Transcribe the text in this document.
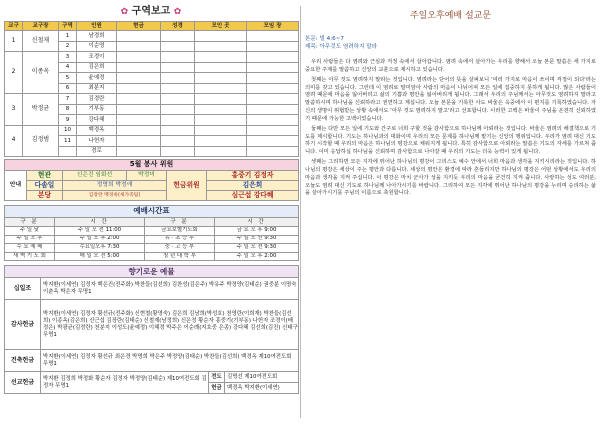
✿ 구역보고 ✿
교구	교구장	구역	인원	현금	성경	모인 곳	모임 장
1	신철재	1	남경희				
		2	이순영				
2	이종옥	3	조경이				
		4	김은희				
		5	윤예경				
		6	최분지				
3	박정균	7	김경란				
		8	기부동				
		9	강다혜				
4	김정범	10	백경옥				
		11	나헌자				
			경로				
5월 봉사 위원					
안내	현관	신은진 임화선	박정미	헌금위원	홍중기 김정자
	다솜일	정영희 박정애			김은희
	본당	김장란 백경옥(새가족팀)			심근섭 강다혜
예배시간표			
구 분	시 간	구 분	시 간
주 일 낮	주 일 오 전 11:00	금요보혈기도회	금 요 오 후 9:00
주 일 오 후	주 일 오 후 2:00	유 · 초 등 부	주 일 오 전 9:30
수 요 예 배	수요일오후 7:30	중 · 고 등 부	주 일 오 전 9:30
새 벽 기 도 회	매 일 오 전 5:00	청 년 대 학 부	주 일 오 후 2:00
향기로운 예물			
십일조	박지환(이세연) 김정자 백은진(전주화) 박찬들(김선희) 김찬성(김은주) 박유주 박정양(김태순) 권중분 이명숙 이춘옥 박은자 무명1		
감사헌금	박지환(이세연) 김정자 황선규(전주화) 신현철(황영숙) 김은희 김남희(박성호) 천영란(이희재) 박찬들(김선희) 이종옥(김은희) 신근섭 김장란(김태순) 신철재(남정희) 신은정 황순자 흥중기(기부동) 나헌자 조경이(배정은) 박광균(김정란) 천분지 이성도(윤예정) 이혜경 박주은 이순례(지호중 은종) 강다혜 김선희(김진) 신태구 무명1		
건축헌금	박지환(이세연) 김정자 황선규 최은경 박명희 박은주 박정양(김태순) 박찬들(김선희) 백경옥 제10여전도회 무명1		
선교헌금	박지환 김정희 박정화 황순자 김정자 박정양(김태순) 제10여전도회 김정자 무명1	전도	김명선 제10여전도회
		헌금	백경옥 박지환(이세연)
주일오후예배 설교문
본문: 빌 4:6~7
제목: 아무것도 염려하지 말라

우리 사람들은 다 염려와 근심과 걱정 속에서 살아갑니다. 염려 속에서 살아가는 우리를 향해서 오늘 본문 말씀은 세 가지로 중요한 주제를 말씀하고 신앙의 교훈으로 제시하고 있습니다.

첫째는 아무 것도 염려하지 말라는 것입니다. 염려라는 단어의 뜻을 살펴보니 '여러 가지로 마음이 쓰이며 걱정이 되다'라는 의미를 갖고 있습니다. 그런데 이 염려로 말미암아 사람의 마음이 나뉘어져 모든 일에 집중하지 못하게 됩니다. 많은 사람들이 염려 때문에 마음을 잃어버리고 삶의 기쁨과 평안을 잃어버리게 됩니다. 그래서 우리의 주님께서는 아무것도 염려하지 말라고 말씀하시며 하나님을 신뢰하라고 권면하고 계십니다. 오늘 본문을 기록한 사도 바울은 옥중에서 이 편지를 기록하였습니다. 자신의 생명이 위협받는 상황 속에서도 '아무 것도 염려하지 말고'라고 선포합니다. 이러한 고백은 바울이 주님을 온전히 신뢰하였기 때문에 가능한 고백이었습니다.

둘째는 다만 모든 일에 기도와 간구로 너희 구할 것을 감사함으로 하나님께 아뢰라는 것입니다. 바울은 염려의 해결책으로 기도를 제시합니다. 기도는 하나님과의 대화이며 우리의 모든 문제를 하나님께 맡기는 신앙의 행위입니다. 우리가 염려 대신 기도하기 시작할 때 우리의 마음은 하나님의 평강으로 채워지게 됩니다. 특히 감사함으로 아뢰라는 말씀은 기도의 자세를 가르쳐 줍니다. 이미 응답하실 하나님을 신뢰하며 감사함으로 나아갈 때 우리의 기도는 더욱 능력이 있게 됩니다.

셋째는 그리하면 모든 지각에 뛰어난 하나님의 평강이 그리스도 예수 안에서 너희 마음과 생각을 지키시리라는 것입니다. 하나님의 평강은 세상이 주는 평안과 다릅니다. 세상의 평안은 환경에 따라 흔들리지만 하나님의 평강은 어떤 상황에서도 우리의 마음과 생각을 지켜 주십니다. 이 평강은 마치 군사가 성을 지키듯 우리의 마음을 굳건히 지켜 줍니다. 사랑하는 성도 여러분, 오늘도 염려 대신 기도로 하나님께 나아가시기를 바랍니다. 그리하여 모든 지각에 뛰어난 하나님의 평강을 누리며 승리하는 삶을 살아가시기를 주님의 이름으로 축원합니다.
